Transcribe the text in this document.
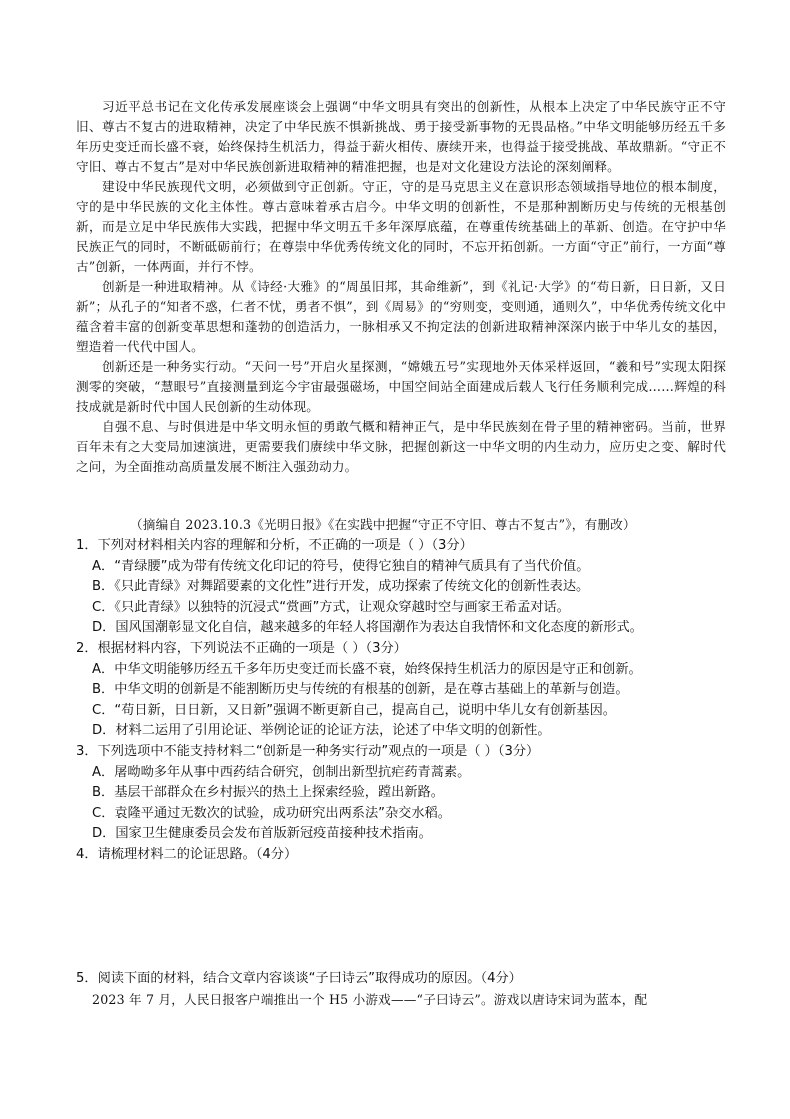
习近平总书记在文化传承发展座谈会上强调“中华文明具有突出的创新性，从根本上决定了中华民族守正不守旧、尊古不复古的进取精神，决定了中华民族不惧新挑战、勇于接受新事物的无畏品格。”中华文明能够历经五千多年历史变迁而长盛不衰，始终保持生机活力，得益于薪火相传、赓续开来，也得益于接受挑战、革故鼎新。“守正不守旧、尊古不复古”是对中华民族创新进取精神的精准把握，也是对文化建设方法论的深刻阐释。

建设中华民族现代文明，必须做到守正创新。守正，守的是马克思主义在意识形态领域指导地位的根本制度，守的是中华民族的文化主体性。尊古意味着承古启今。中华文明的创新性，不是那种割断历史与传统的无根基创新，而是立足中华民族伟大实践，把握中华文明五千多年深厚底蕴，在尊重传统基础上的革新、创造。在守护中华民族正气的同时，不断砥砺前行；在尊崇中华优秀传统文化的同时，不忘开拓创新。一方面“守正”前行，一方面“尊古”创新，一体两面，并行不悖。

创新是一种进取精神。从《诗经·大雅》的“周虽旧邦，其命维新”，到《礼记·大学》的“苟日新，日日新，又日新”；从孔子的“知者不惑，仁者不忧，勇者不惧”，到《周易》的“穷则变，变则通，通则久”，中华优秀传统文化中蕴含着丰富的创新变革思想和蓬勃的创造活力，一脉相承又不拘定法的创新进取精神深深内嵌于中华儿女的基因，塑造着一代代中国人。

创新还是一种务实行动。“天问一号”开启火星探测，“嫦娥五号”实现地外天体采样返回，“羲和号”实现太阳探测零的突破，“慧眼号”直接测量到迄今宇宙最强磁场，中国空间站全面建成后载人飞行任务顺利完成……辉煌的科技成就是新时代中国人民创新的生动体现。

自强不息、与时俱进是中华文明永恒的勇敢气概和精神正气，是中华民族刻在骨子里的精神密码。当前，世界百年未有之大变局加速演进，更需要我们赓续中华文脉，把握创新这一中华文明的内生动力，应历史之变、解时代之问，为全面推动高质量发展不断注入强劲动力。

（摘编自 2023.10.3《光明日报》《在实践中把握“守正不守旧、尊古不复古”》，有删改）

1．下列对材料相关内容的理解和分析，不正确的一项是（ ）（3分）

A．“青绿腰”成为带有传统文化印记的符号，使得它独自的精神气质具有了当代价值。

B．《只此青绿》对舞蹈要素的文化性”进行开发，成功探索了传统文化的创新性表达。

C．《只此青绿》以独特的沉浸式“赏画”方式，让观众穿越时空与画家王希孟对话。

D．国风国潮彰显文化自信，越来越多的年轻人将国潮作为表达自我情怀和文化态度的新形式。

2．根据材料内容，下列说法不正确的一项是（ ）（3分）

A．中华文明能够历经五千多年历史变迁而长盛不衰，始终保持生机活力的原因是守正和创新。

B．中华文明的创新是不能割断历史与传统的有根基的创新，是在尊古基础上的革新与创造。

C．“苟日新，日日新，又日新”强调不断更新自己，提高自己，说明中华儿女有创新基因。

D．材料二运用了引用论证、举例论证的论证方法，论述了中华文明的创新性。

3．下列选项中不能支持材料二“创新是一种务实行动”观点的一项是（ ）（3分）

A．屠呦呦多年从事中西药结合研究，创制出新型抗疟药青蒿素。

B．基层干部群众在乡村振兴的热土上探索经验，蹚出新路。

C．袁隆平通过无数次的试验，成功研究出两系法”杂交水稻。

D．国家卫生健康委员会发布首版新冠疫苗接种技术指南。

4．请梳理材料二的论证思路。（4分）

5．阅读下面的材料，结合文章内容谈谈“子曰诗云”取得成功的原因。（4分）

2023 年 7 月，人民日报客户端推出一个 H5 小游戏——“子曰诗云”。游戏以唐诗宋词为蓝本，配
